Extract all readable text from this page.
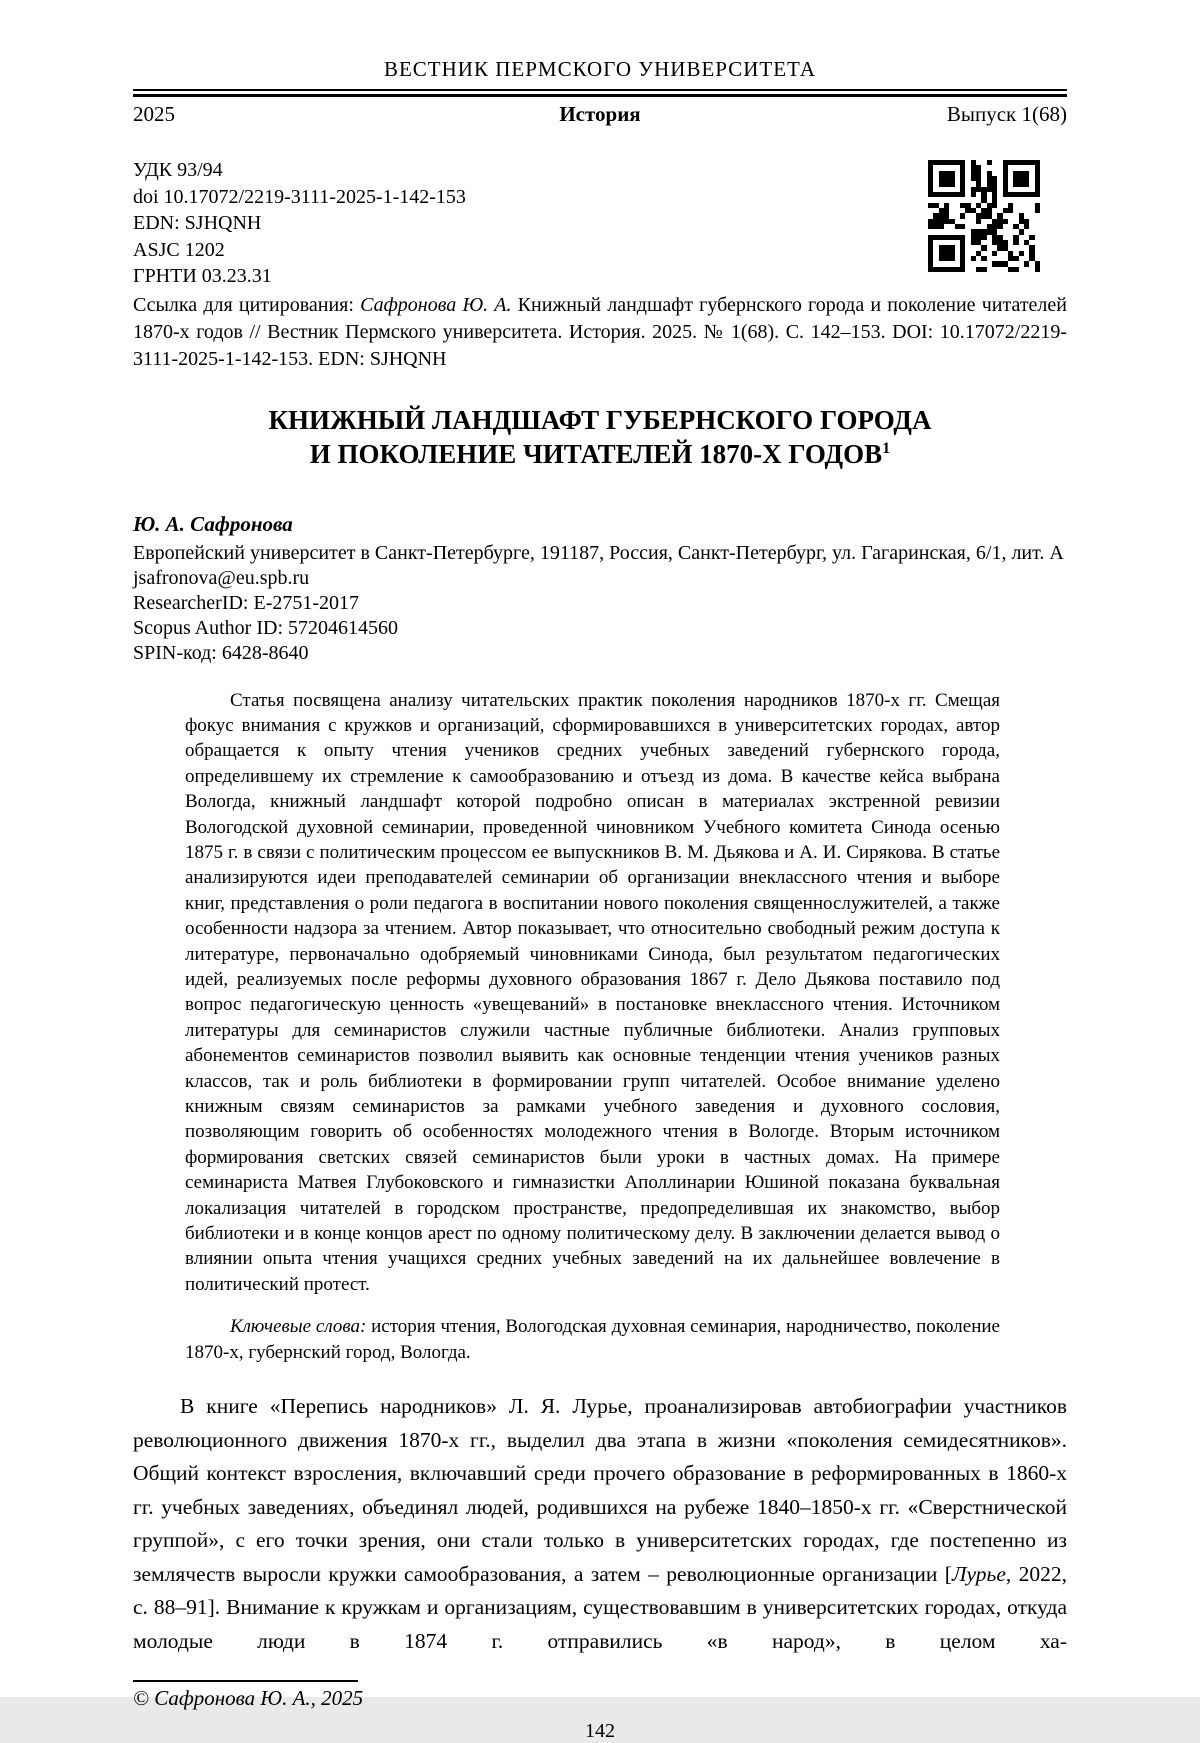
ВЕСТНИК ПЕРМСКОГО УНИВЕРСИТЕТА
2025	История	Выпуск 1(68)

УДК 93/94

doi 10.17072/2219-3111-2025-1-142-153

EDN: SJHQNH

ASJC 1202

ГРНТИ 03.23.31

Ссылка для цитирования: Сафронова Ю. А. Книжный ландшафт губернского города и поколение читателей 1870-х годов // Вестник Пермского университета. История. 2025. № 1(68). С. 142–153. DOI: 10.17072/2219-3111-2025-1-142-153. EDN: SJHQNH

КНИЖНЫЙ ЛАНДШАФТ ГУБЕРНСКОГО ГОРОДА
И ПОКОЛЕНИЕ ЧИТАТЕЛЕЙ 1870-Х ГОДОВ$^1$

Ю. А. Сафронова

Европейский университет в Санкт-Петербурге, 191187, Россия, Санкт-Петербург, ул. Гагаринская, 6/1, лит. А

jsafronova@eu.spb.ru

ResearcherID: E-2751-2017

Scopus Author ID: 57204614560

SPIN-код: 6428-8640

Статья посвящена анализу читательских практик поколения народников 1870-х гг. Смещая фокус внимания с кружков и организаций, сформировавшихся в университетских городах, автор обращается к опыту чтения учеников средних учебных заведений губернского города, определившему их стремление к самообразованию и отъезд из дома. В качестве кейса выбрана Вологда, книжный ландшафт которой подробно описан в материалах экстренной ревизии Вологодской духовной семинарии, проведенной чиновником Учебного комитета Синода осенью 1875 г. в связи с политическим процессом ее выпускников В. М. Дьякова и А. И. Сирякова. В статье анализируются идеи преподавателей семинарии об организации внеклассного чтения и выборе книг, представления о роли педагога в воспитании нового поколения священнослужителей, а также особенности надзора за чтением. Автор показывает, что относительно свободный режим доступа к литературе, первоначально одобряемый чиновниками Синода, был результатом педагогических идей, реализуемых после реформы духовного образования 1867 г. Дело Дьякова поставило под вопрос педагогическую ценность «увещеваний» в постановке внеклассного чтения. Источником литературы для семинаристов служили частные публичные библиотеки. Анализ групповых абонементов семинаристов позволил выявить как основные тенденции чтения учеников разных классов, так и роль библиотеки в формировании групп читателей. Особое внимание уделено книжным связям семинаристов за рамками учебного заведения и духовного сословия, позволяющим говорить об особенностях молодежного чтения в Вологде. Вторым источником формирования светских связей семинаристов были уроки в частных домах. На примере семинариста Матвея Глубоковского и гимназистки Аполлинарии Юшиной показана буквальная локализация читателей в городском пространстве, предопределившая их знакомство, выбор библиотеки и в конце концов арест по одному политическому делу. В заключении делается вывод о влиянии опыта чтения учащихся средних учебных заведений на их дальнейшее вовлечение в политический протест.

Ключевые слова: история чтения, Вологодская духовная семинария, народничество, поколение 1870-х, губернский город, Вологда.

В книге «Перепись народников» Л. Я. Лурье, проанализировав автобиографии участников революционного движения 1870-х гг., выделил два этапа в жизни «поколения семидесятников». Общий контекст взросления, включавший среди прочего образование в реформированных в 1860-х гг. учебных заведениях, объединял людей, родившихся на рубеже 1840–1850-х гг. «Сверстнической группой», с его точки зрения, они стали только в университетских городах, где постепенно из землячеств выросли кружки самообразования, а затем – революционные организации [Лурье, 2022, с. 88–91]. Внимание к кружкам и организациям, существовавшим в университетских городах, откуда молодые люди в 1874 г. отправились «в народ», в целом ха-

© Сафронова Ю. А., 2025

142
